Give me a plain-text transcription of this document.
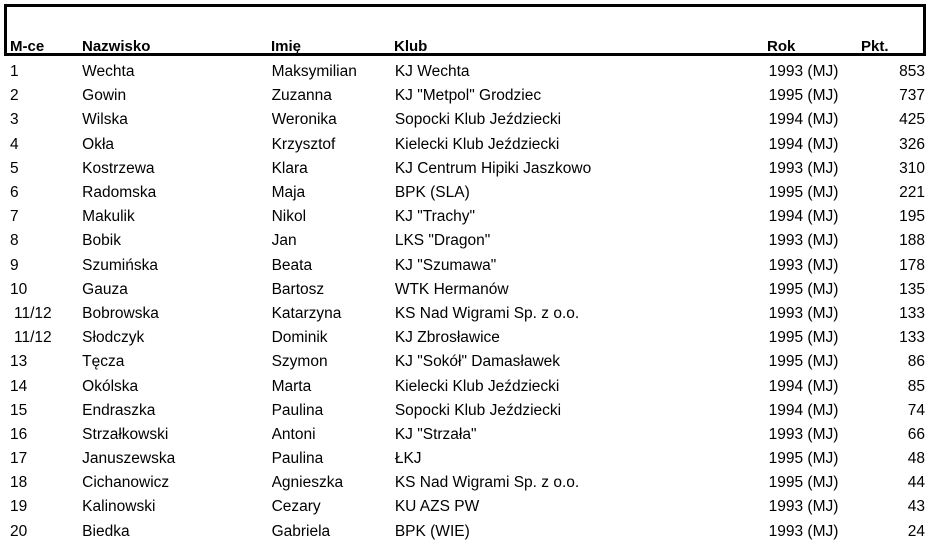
M-ce	Nazwisko	Imię	Klub	Rok	Pkt.
1	Wechta	Maksymilian	KJ Wechta	1993 (MJ)	853
2	Gowin	Zuzanna	KJ "Metpol" Grodziec	1995 (MJ)	737
3	Wilska	Weronika	Sopocki Klub Jeździecki	1994 (MJ)	425
4	Okła	Krzysztof	Kielecki Klub Jeździecki	1994 (MJ)	326
5	Kostrzewa	Klara	KJ Centrum Hipiki Jaszkowo	1993 (MJ)	310
6	Radomska	Maja	BPK (SLA)	1995 (MJ)	221
7	Makulik	Nikol	KJ "Trachy"	1994 (MJ)	195
8	Bobik	Jan	LKS "Dragon"	1993 (MJ)	188
9	Szumińska	Beata	KJ "Szumawa"	1993 (MJ)	178
10	Gauza	Bartosz	WTK Hermanów	1995 (MJ)	135
11/12	Bobrowska	Katarzyna	KS Nad Wigrami Sp. z o.o.	1993 (MJ)	133
11/12	Słodczyk	Dominik	KJ Zbrosławice	1995 (MJ)	133
13	Tęcza	Szymon	KJ "Sokół" Damasławek	1995 (MJ)	86
14	Okólska	Marta	Kielecki Klub Jeździecki	1994 (MJ)	85
15	Endraszka	Paulina	Sopocki Klub Jeździecki	1994 (MJ)	74
16	Strzałkowski	Antoni	KJ "Strzała"	1993 (MJ)	66
17	Januszewska	Paulina	ŁKJ	1995 (MJ)	48
18	Cichanowicz	Agnieszka	KS Nad Wigrami Sp. z o.o.	1995 (MJ)	44
19	Kalinowski	Cezary	KU AZS PW	1993 (MJ)	43
20	Biedka	Gabriela	BPK (WIE)	1993 (MJ)	24
